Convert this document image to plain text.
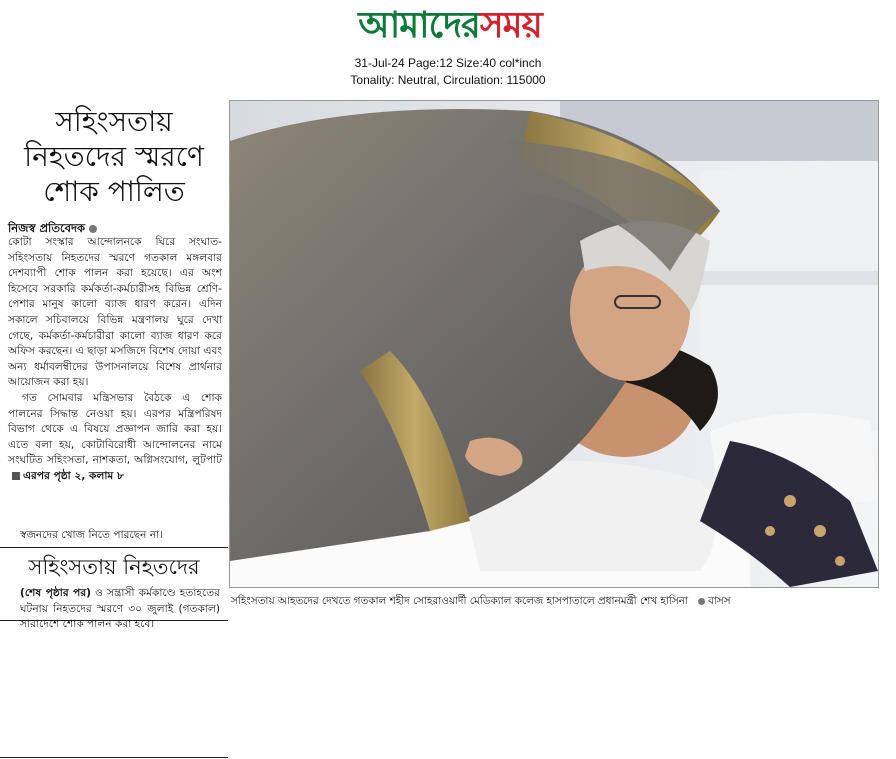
আমাদেরসময়
31-Jul-24 Page:12 Size:40 col*inch
Tonality: Neutral, Circulation: 115000
সহিংসতায়
নিহতদের স্মরণে
শোক পালিত
নিজস্ব প্রতিবেদক

কোটা সংস্কার আন্দোলনকে ঘিরে সংঘাত-সহিংসতায় নিহতদের স্মরণে গতকাল মঙ্গলবার দেশব্যাপী শোক পালন করা হয়েছে। এর অংশ হিসেবে সরকারি কর্মকর্তা-কর্মচারীসহ বিভিন্ন শ্রেণি-পেশার মানুষ কালো ব্যাজ ধারণ করেন। এদিন সকালে সচিবালয়ে বিভিন্ন মন্ত্রণালয় ঘুরে দেখা গেছে, কর্মকর্তা-কর্মচারীরা কালো ব্যাজ ধারণ করে অফিস করছেন। এ ছাড়া মসজিদে বিশেষ দোয়া এবং অন্য ধর্মাবলম্বীদের উপাসনালয়ে বিশেষ প্রার্থনার আয়োজন করা হয়।

গত সোমবার মন্ত্রিসভার বৈঠকে এ শোক পালনের সিদ্ধান্ত নেওয়া হয়। এরপর মন্ত্রিপরিষদ বিভাগ থেকে এ বিষয়ে প্রজ্ঞাপন জারি করা হয়। এতে বলা হয়, কোটাবিরোধী আন্দোলনের নামে সংঘটিত সহিংসতা, নাশকতা, অগ্নিসংযোগ, লুটপাট এরপর পৃষ্ঠা ২, কলাম ৮

স্বজনদের খোজ নিতে পারছেন না।
সহিংসতায় নিহতদের
(শেষ পৃষ্ঠার পর) ও সন্ত্রাসী কর্মকাণ্ডে হতাহতের ঘটনায় নিহতদের স্মরণে ৩০ জুলাই (গতকাল) সারাদেশে শোক পালন করা হবে।
সহিংসতায় আহতদের দেখতে গতকাল শহীদ সোহরাওয়ার্দী মেডিক্যাল কলেজ হাসপাতালে প্রধানমন্ত্রী শেখ হাসিনা বাসস
